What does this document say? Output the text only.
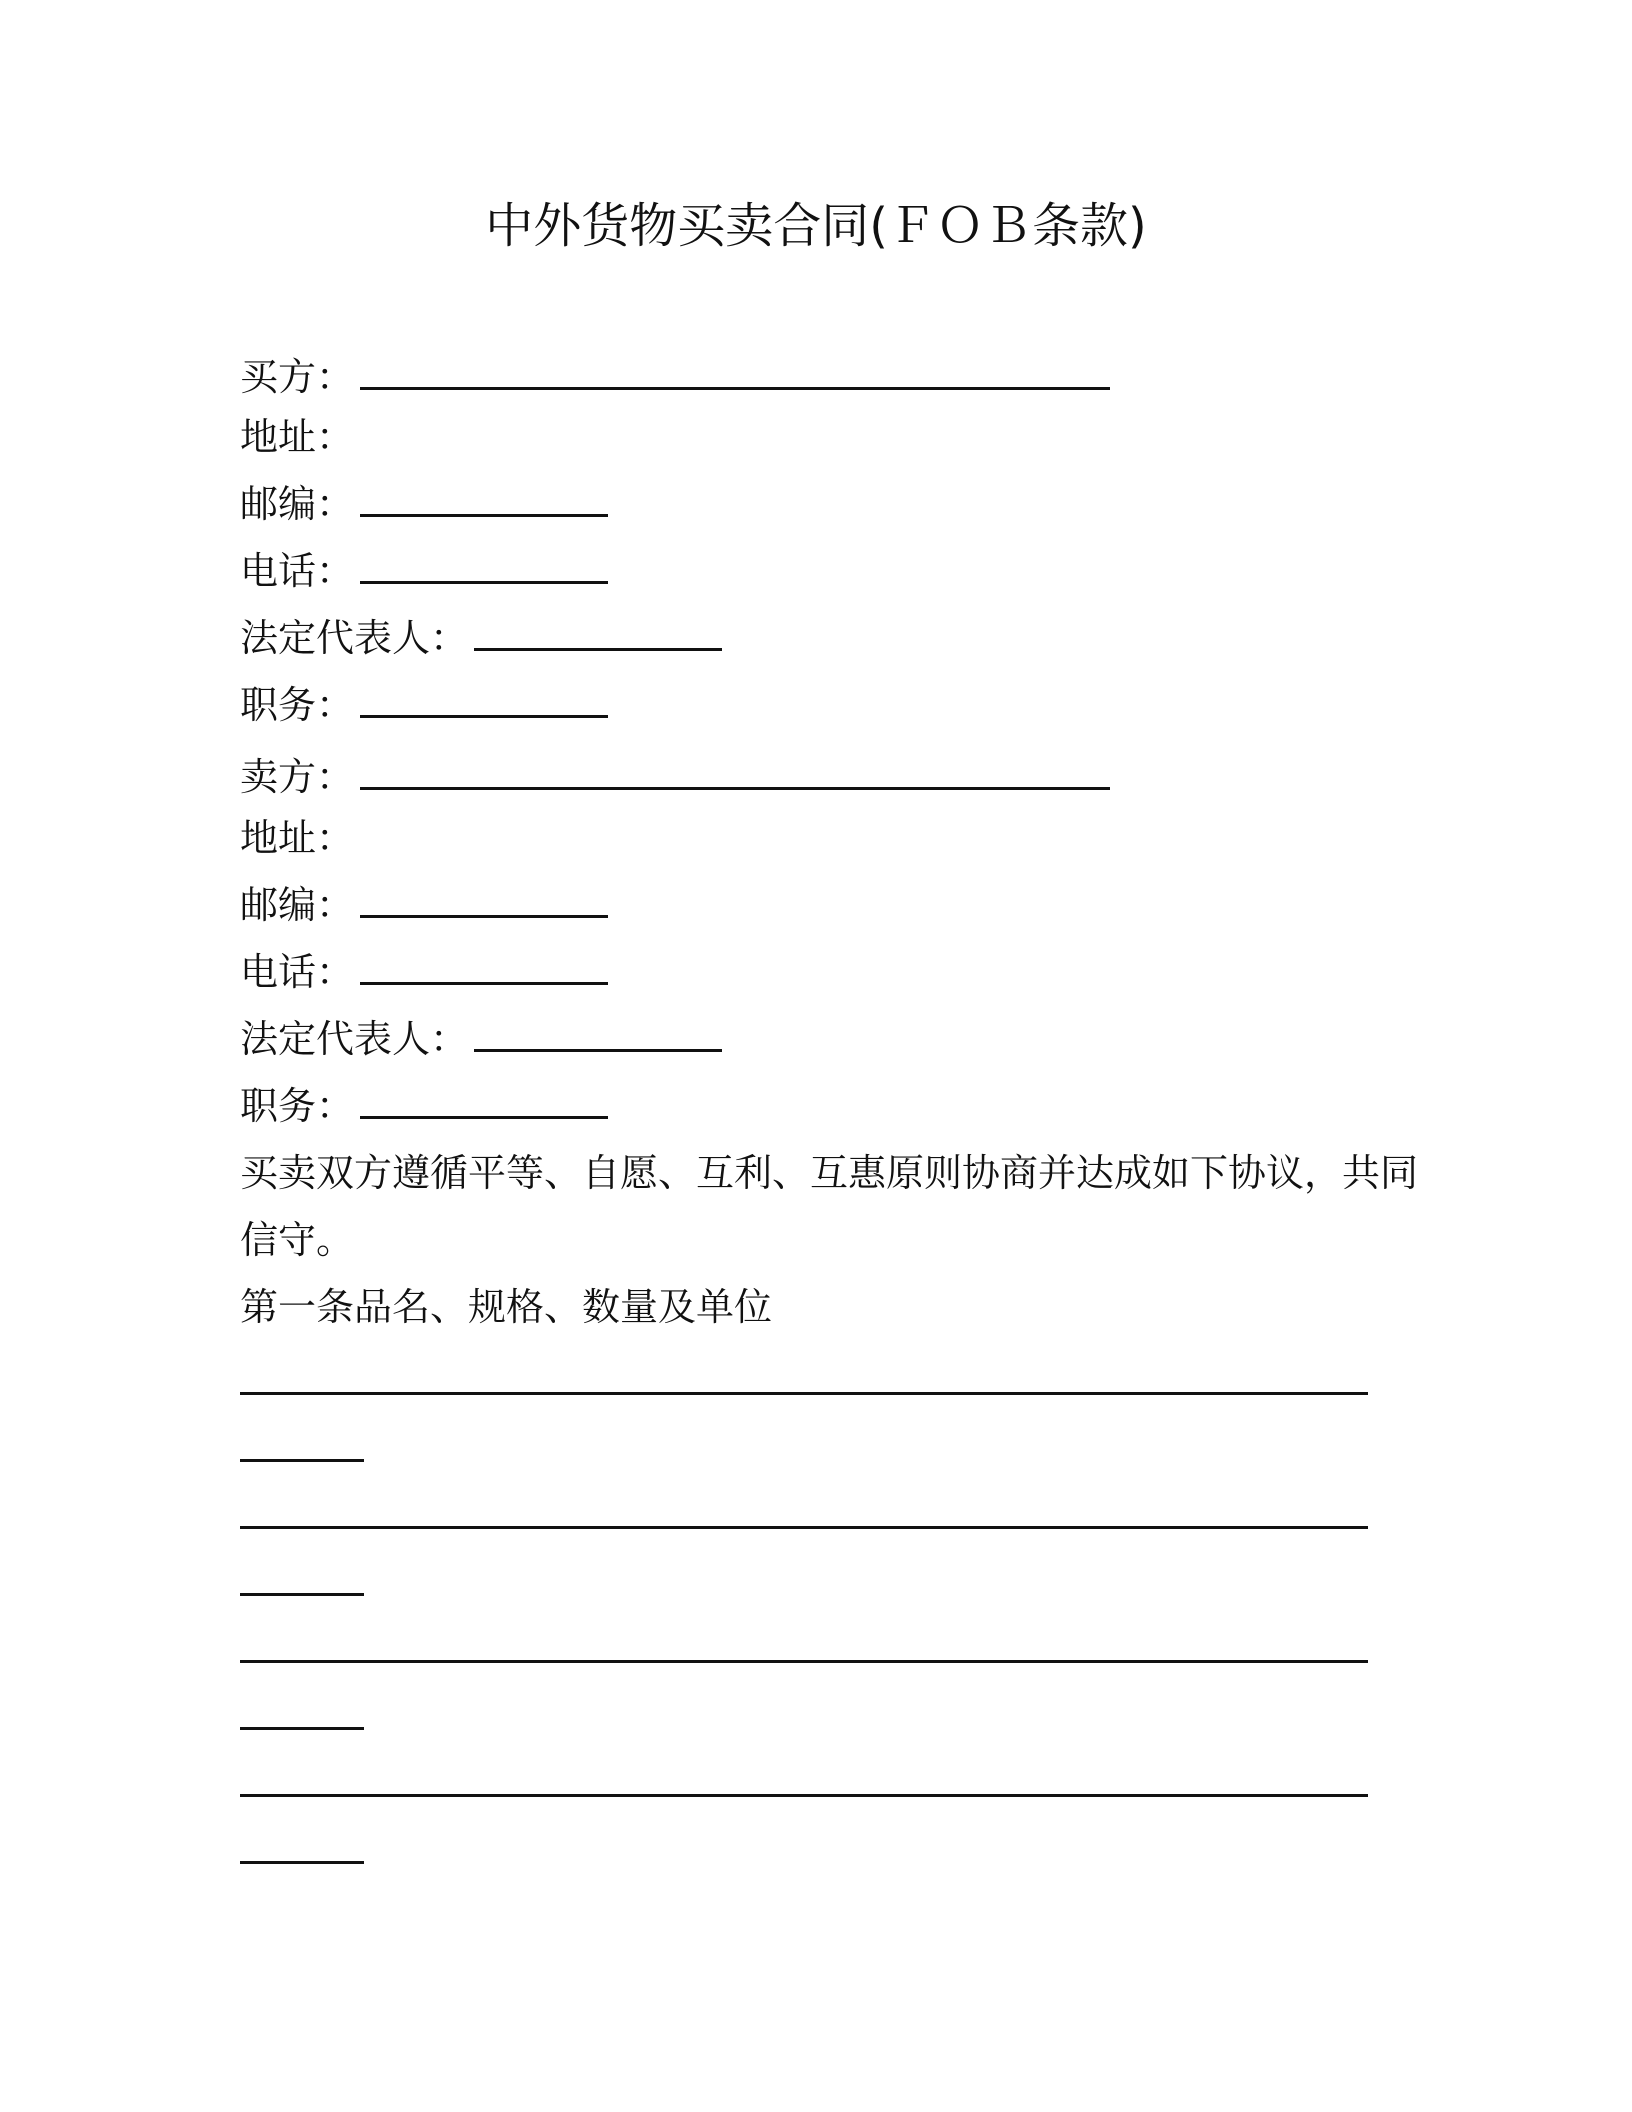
中外货物买卖合同(ＦＯＢ条款)
买方：
地址：
邮编：
电话：
法定代表人：
职务：
卖方：
地址：
邮编：
电话：
法定代表人：
职务：
买卖双方遵循平等、自愿、互利、互惠原则协商并达成如下协议，共同
信守。
第一条品名、规格、数量及单位
